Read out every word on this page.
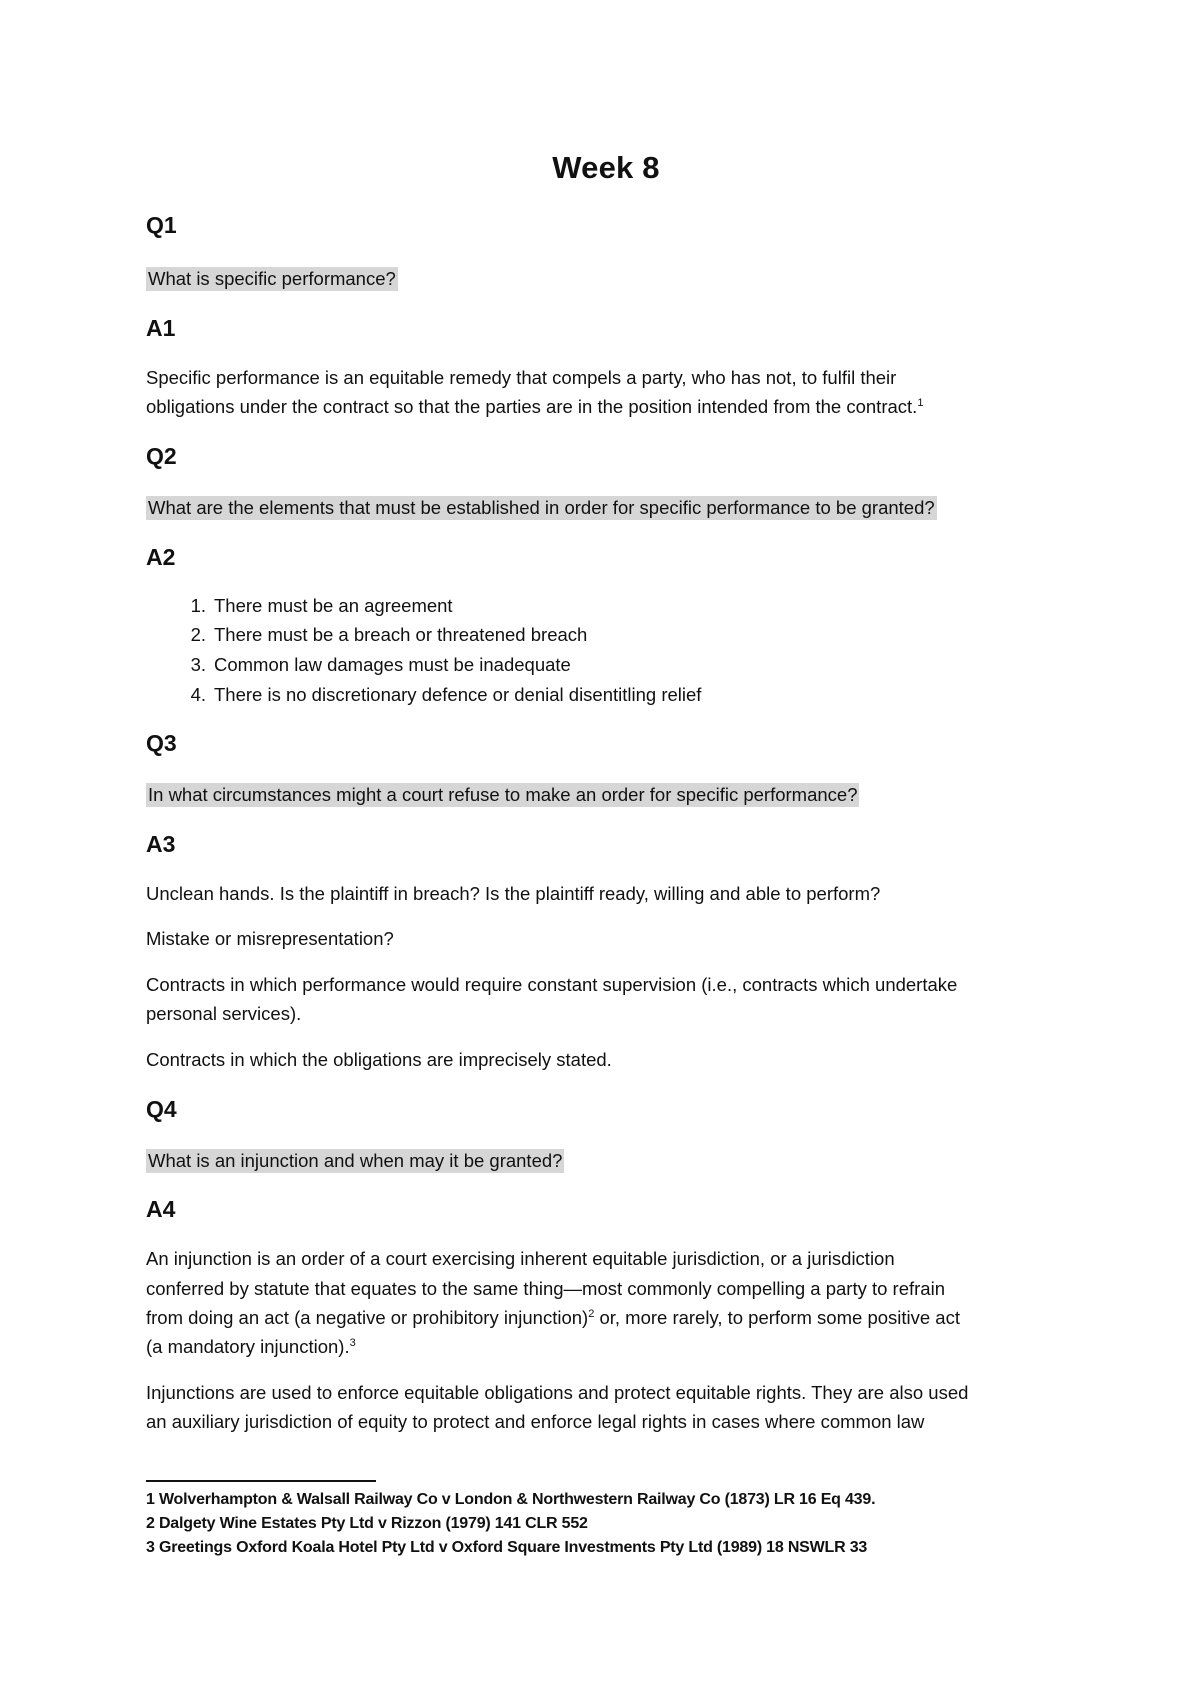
Week 8
Q1
What is specific performance?
A1
Specific performance is an equitable remedy that compels a party, who has not, to fulfil their
obligations under the contract so that the parties are in the position intended from the contract.$^1$
Q2
What are the elements that must be established in order for specific performance to be granted?
A2
1. There must be an agreement
2. There must be a breach or threatened breach
3. Common law damages must be inadequate
4. There is no discretionary defence or denial disentitling relief
Q3
In what circumstances might a court refuse to make an order for specific performance?
A3
Unclean hands. Is the plaintiff in breach? Is the plaintiff ready, willing and able to perform?
Mistake or misrepresentation?
Contracts in which performance would require constant supervision (i.e., contracts which undertake
personal services).
Contracts in which the obligations are imprecisely stated.
Q4
What is an injunction and when may it be granted?
A4
An injunction is an order of a court exercising inherent equitable jurisdiction, or a jurisdiction
conferred by statute that equates to the same thing—most commonly compelling a party to refrain
from doing an act (a negative or prohibitory injunction)$^2$ or, more rarely, to perform some positive act
(a mandatory injunction).$^3$
Injunctions are used to enforce equitable obligations and protect equitable rights. They are also used
an auxiliary jurisdiction of equity to protect and enforce legal rights in cases where common law
1 Wolverhampton & Walsall Railway Co v London & Northwestern Railway Co (1873) LR 16 Eq 439.
2 Dalgety Wine Estates Pty Ltd v Rizzon (1979) 141 CLR 552
3 Greetings Oxford Koala Hotel Pty Ltd v Oxford Square Investments Pty Ltd (1989) 18 NSWLR 33
